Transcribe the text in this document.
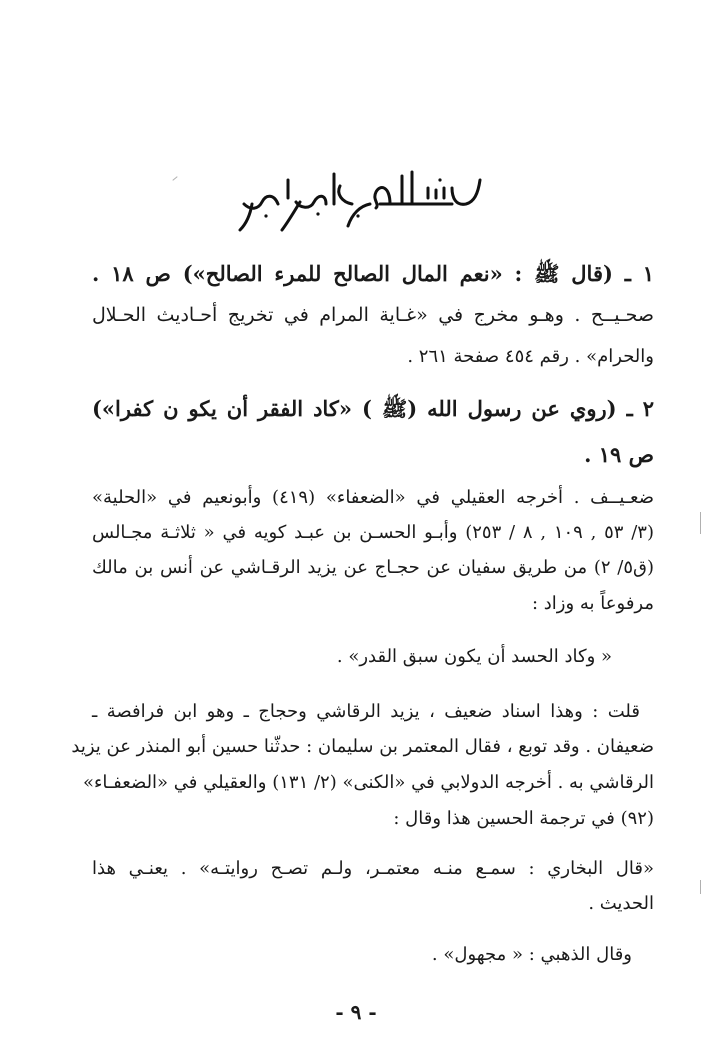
١ ـ (قال ﷺ : «نعم المال الصالح للمرء الصالح») ص ١٨ .
صحـيــح . وهـو مخرج في «غـاية المرام في تخريج أحـاديث الحـلال
والحرام» . رقم ٤٥٤ صفحة ٢٦١ .
٢ ـ (روي عن رسول الله (ﷺ ) «كاد الفقر أن يكو ن كفرا»)
ص ١٩ .
ضعـيــف . أخرجه العقيلي في «الضعفاء» (٤١٩) وأبونعيم في «الحلية»
(٣/ ٥٣ , ١٠٩ , ٨ / ٢٥٣) وأبـو الحسـن بن عبـد كويه في « ثلاثـة مجـالس
(ق٥/ ٢) من طريق سفيان عن حجـاج عن يزيد الرقـاشي عن أنس بن مالك
مرفوعاً به وزاد :
« وكاد الحسد أن يكون سبق القدر» .
قلت : وهذا اسناد ضعيف ، يزيد الرقاشي وحجاج ـ وهو ابن فرافصة ـ
ضعيفان . وقد توبع ، فقال المعتمر بن سليمان : حدثّنا حسين أبو المنذر عن يزيد
الرقاشي به . أخرجه الدولابي في «الكنى» (٢/ ١٣١) والعقيلي في «الضعفـاء»
(٩٢) في ترجمة الحسين هذا وقال :
«قال البخاري : سمـع منـه معتمـر، ولـم تصـح روايتـه» . يعنـي هذا
الحديث .
وقال الذهبي : « مجهول» .
- ٩ -
